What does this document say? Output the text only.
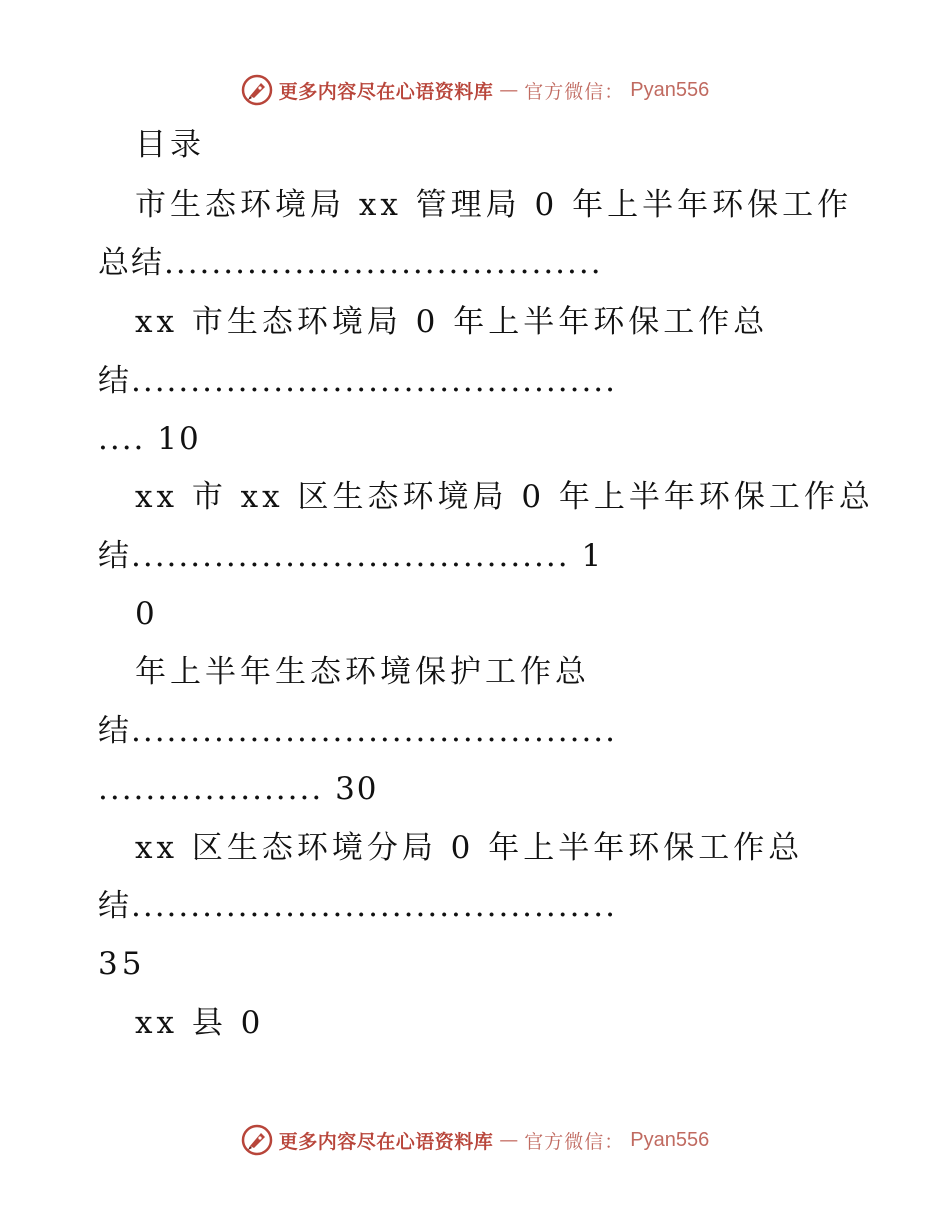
更多内容尽在心语资料库 — 官方微信： Pyan556
目录
市生态环境局 xx 管理局 0 年上半年环保工作
总结.....................................
xx 市生态环境局 0 年上半年环保工作总
结.........................................
.... 10
xx 市 xx 区生态环境局 0 年上半年环保工作总
结..................................... 1
0
年上半年生态环境保护工作总
结.........................................
................... 30
xx 区生态环境分局 0 年上半年环保工作总
结.........................................
35
xx 县 0
更多内容尽在心语资料库 — 官方微信： Pyan556
